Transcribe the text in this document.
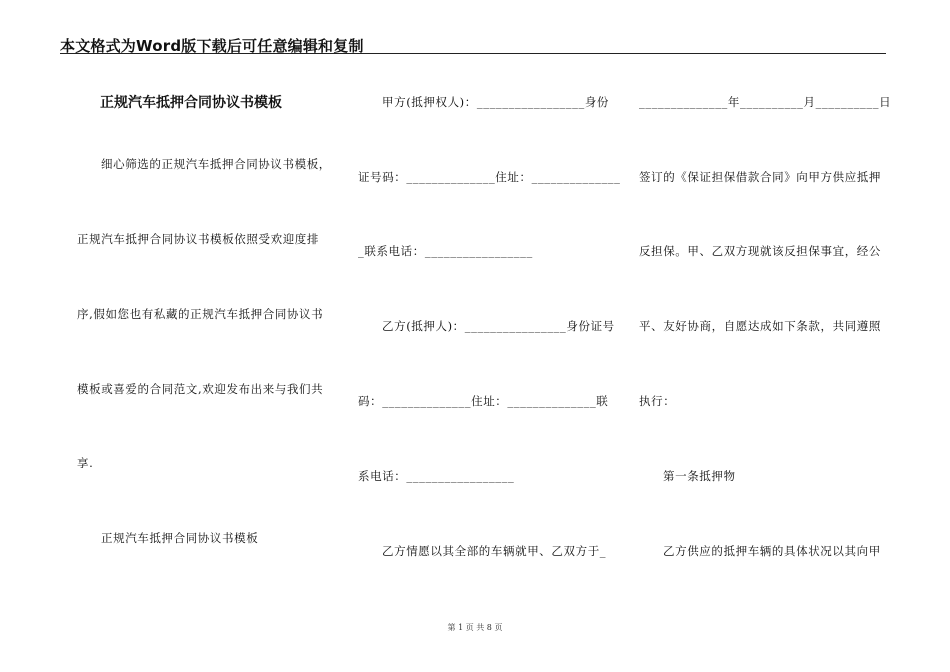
本文格式为Word版下载后可任意编辑和复制
正规汽车抵押合同协议书模板
细心筛选的正规汽车抵押合同协议书模板，
正规汽车抵押合同协议书模板依照受欢迎度排
序,假如您也有私藏的正规汽车抵押合同协议书
模板或喜爱的合同范文,欢迎发布出来与我们共
享.
正规汽车抵押合同协议书模板
甲方(抵押权人)：_________________身份
证号码：______________住址：______________
_联系电话：_________________
乙方(抵押人)：________________身份证号
码：______________住址：______________联
系电话：_________________
乙方情愿以其全部的车辆就甲、乙双方于_
______________年__________月__________日
签订的《保证担保借款合同》向甲方供应抵押
反担保。甲、乙双方现就该反担保事宜，经公
平、友好协商，自愿达成如下条款，共同遵照
执行：
第一条抵押物
乙方供应的抵押车辆的具体状况以其向甲
第 1 页 共 8 页
